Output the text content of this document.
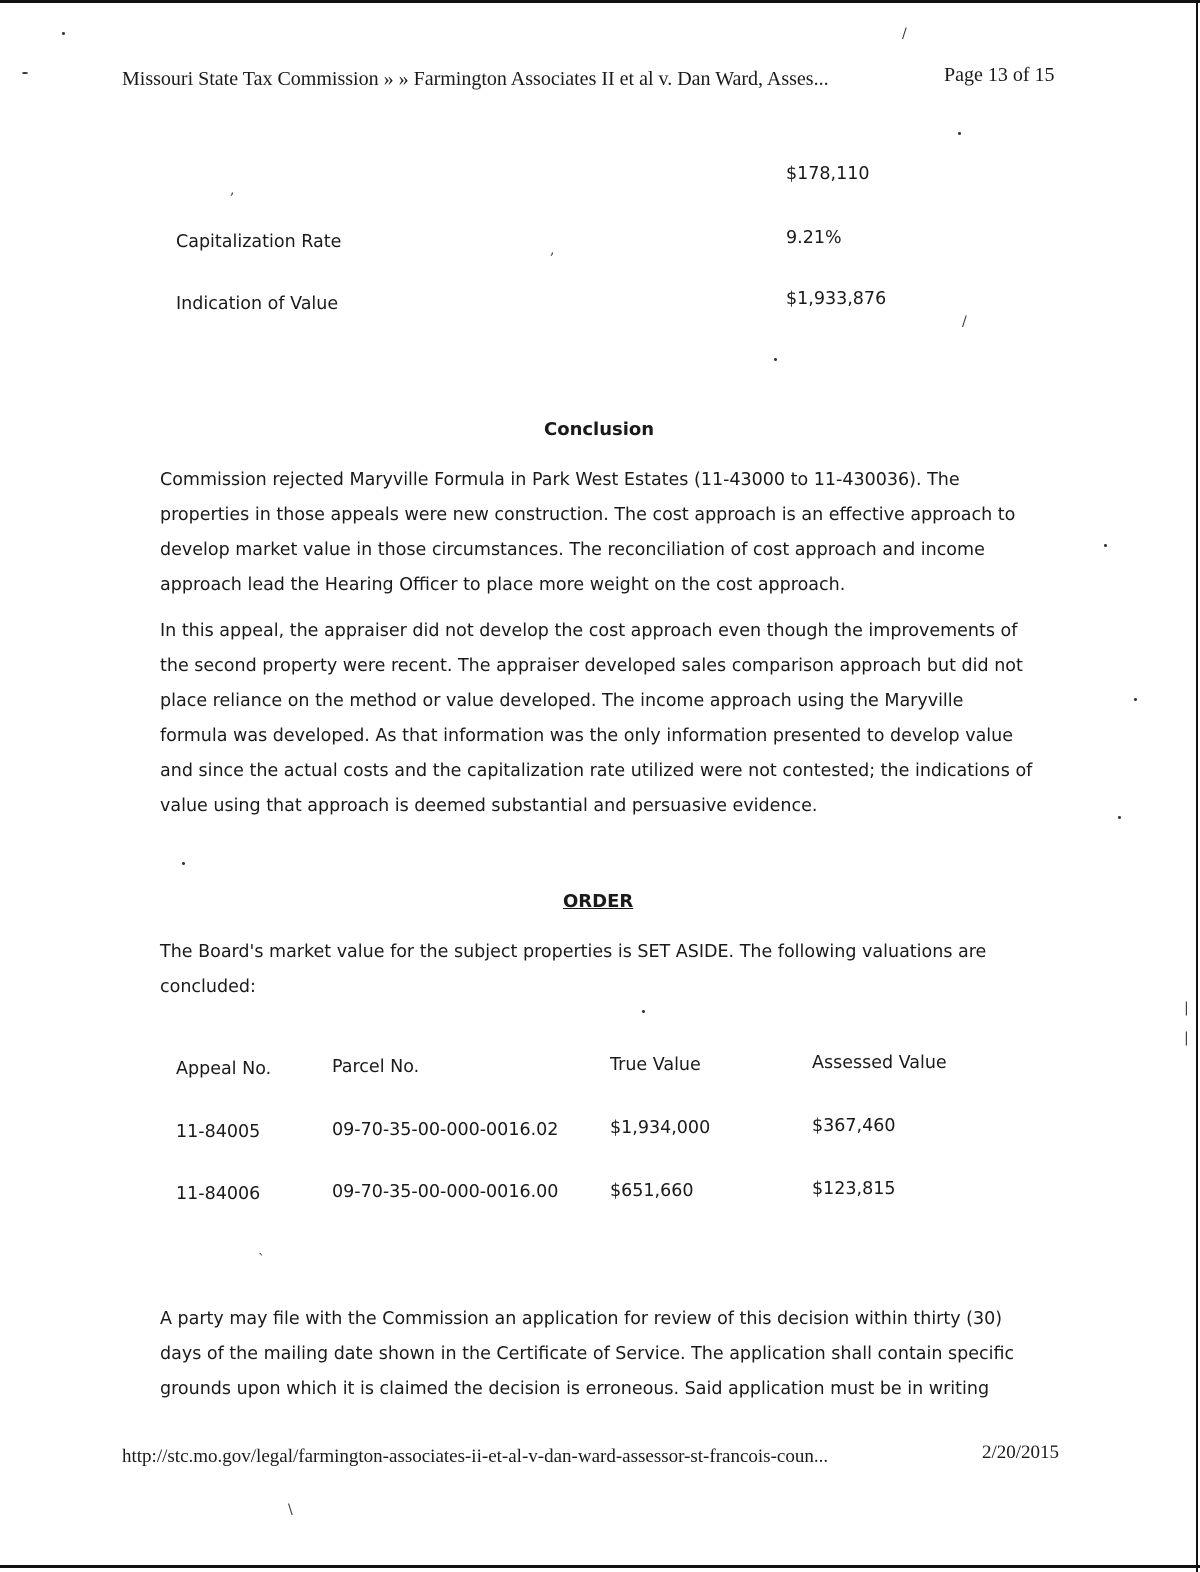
/
/
,
,
|
|
`
\
Missouri State Tax Commission » » Farmington Associates II et al v. Dan Ward, Asses...	Page 13 of 15
$178,110
Capitalization Rate	9.21%
Indication of Value	$1,933,876
Conclusion
Commission rejected Maryville Formula in Park West Estates (11-43000 to 11-430036). The
properties in those appeals were new construction. The cost approach is an effective approach to
develop market value in those circumstances. The reconciliation of cost approach and income
approach lead the Hearing Officer to place more weight on the cost approach.
In this appeal, the appraiser did not develop the cost approach even though the improvements of
the second property were recent. The appraiser developed sales comparison approach but did not
place reliance on the method or value developed. The income approach using the Maryville
formula was developed. As that information was the only information presented to develop value
and since the actual costs and the capitalization rate utilized were not contested; the indications of
value using that approach is deemed substantial and persuasive evidence.
ORDER
The Board's market value for the subject properties is SET ASIDE. The following valuations are
concluded:
Appeal No.	Parcel No.	True Value	Assessed Value
11-84005	09-70-35-00-000-0016.02	$1,934,000	$367,460
11-84006	09-70-35-00-000-0016.00	$651,660	$123,815
A party may file with the Commission an application for review of this decision within thirty (30)
days of the mailing date shown in the Certificate of Service. The application shall contain specific
grounds upon which it is claimed the decision is erroneous. Said application must be in writing
http://stc.mo.gov/legal/farmington-associates-ii-et-al-v-dan-ward-assessor-st-francois-coun...	2/20/2015
